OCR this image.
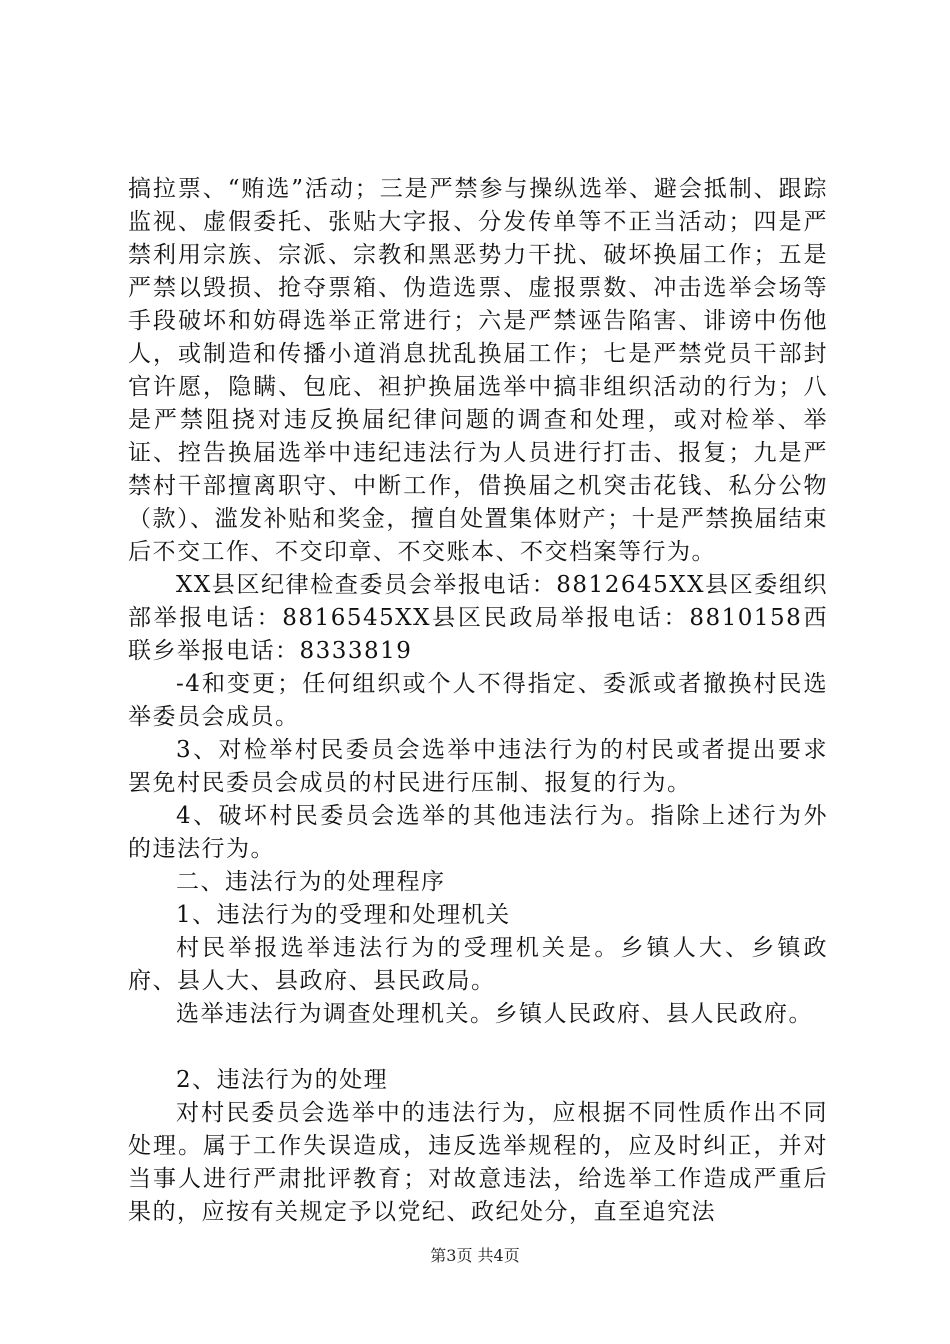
搞拉票、“贿选”活动；三是严禁参与操纵选举、避会抵制、跟踪监视、虚假委托、张贴大字报、分发传单等不正当活动；四是严禁利用宗族、宗派、宗教和黑恶势力干扰、破坏换届工作；五是严禁以毁损、抢夺票箱、伪造选票、虚报票数、冲击选举会场等手段破坏和妨碍选举正常进行；六是严禁诬告陷害、诽谤中伤他人，或制造和传播小道消息扰乱换届工作；七是严禁党员干部封官许愿，隐瞒、包庇、袒护换届选举中搞非组织活动的行为；八是严禁阻挠对违反换届纪律问题的调查和处理，或对检举、举证、控告换届选举中违纪违法行为人员进行打击、报复；九是严禁村干部擅离职守、中断工作，借换届之机突击花钱、私分公物（款）、滥发补贴和奖金，擅自处置集体财产；十是严禁换届结束后不交工作、不交印章、不交账本、不交档案等行为。

XX县区纪律检查委员会举报电话：8812645XX县区委组织部举报电话：8816545XX县区民政局举报电话：8810158西联乡举报电话：8333819

-4和变更；任何组织或个人不得指定、委派或者撤换村民选举委员会成员。

3、对检举村民委员会选举中违法行为的村民或者提出要求罢免村民委员会成员的村民进行压制、报复的行为。

4、破坏村民委员会选举的其他违法行为。指除上述行为外的违法行为。

二、违法行为的处理程序

1、违法行为的受理和处理机关

村民举报选举违法行为的受理机关是。乡镇人大、乡镇政府、县人大、县政府、县民政局。

选举违法行为调查处理机关。乡镇人民政府、县人民政府。

2、违法行为的处理

对村民委员会选举中的违法行为，应根据不同性质作出不同处理。属于工作失误造成，违反选举规程的，应及时纠正，并对当事人进行严肃批评教育；对故意违法，给选举工作造成严重后果的，应按有关规定予以党纪、政纪处分，直至追究法

第3页 共4页
